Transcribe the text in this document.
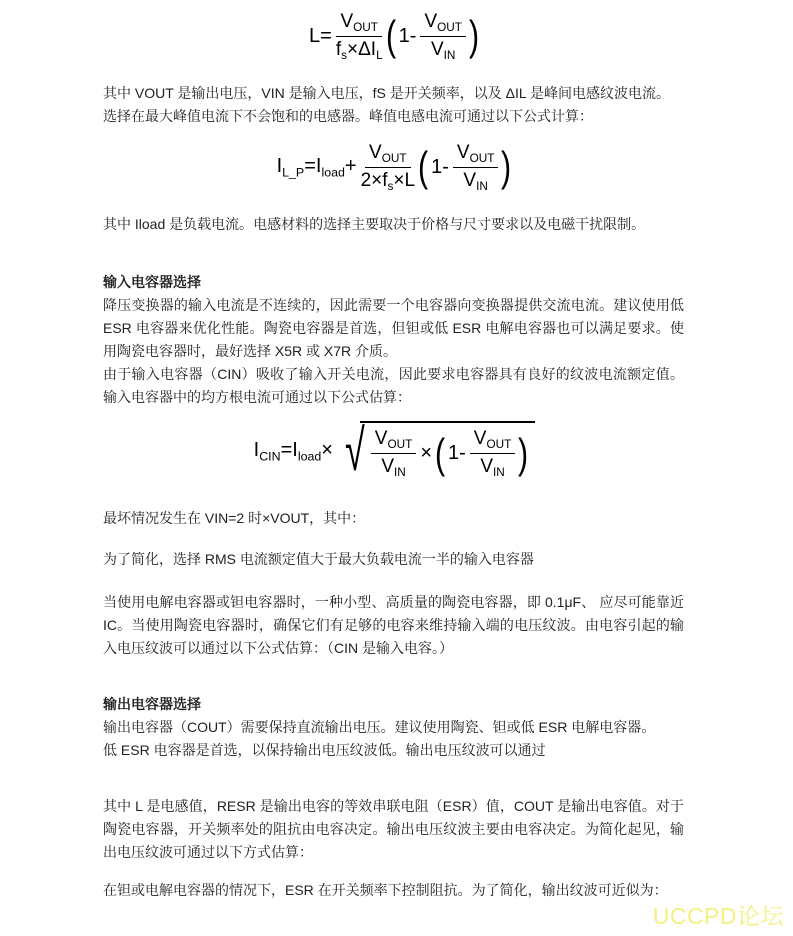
$L= \frac{V_{OUT}}{f_s\times\Delta I_L}$ ( $1- \frac{V_{OUT}}{V_{IN}}$ )

其中 VOUT 是输出电压，VIN 是输入电压，fS 是开关频率，以及 ΔIL 是峰间电感纹波电流。
选择在最大峰值电流下不会饱和的电感器。峰值电感电流可通过以下公式计算：

$I_{L\_P}=I_{load}+ \frac{V_{OUT}}{2\times f_s\times L}$ ( $1- \frac{V_{OUT}}{V_{IN}}$ )

其中 Iload 是负载电流。电感材料的选择主要取决于价格与尺寸要求以及电磁干扰限制。

输入电容器选择

降压变换器的输入电流是不连续的，因此需要一个电容器向变换器提供交流电流。建议使用低 ESR 电容器来优化性能。陶瓷电容器是首选，但钽或低 ESR 电解电容器也可以满足要求。使用陶瓷电容器时，最好选择 X5R 或 X7R 介质。

由于输入电容器（CIN）吸收了输入开关电流，因此要求电容器具有良好的纹波电流额定值。输入电容器中的均方根电流可通过以下公式估算：

$I_{CIN}=I_{load}\times$ √ $\frac{V_{OUT}}{V_{IN}}$ × ( $1- \frac{V_{OUT}}{V_{IN}}$ )

最坏情况发生在 VIN=2 时×VOUT，其中：

为了简化，选择 RMS 电流额定值大于最大负载电流一半的输入电容器

当使用电解电容器或钽电容器时，一种小型、高质量的陶瓷电容器，即 0.1μF、 应尽可能靠近 IC。当使用陶瓷电容器时，确保它们有足够的电容来维持输入端的电压纹波。由电容引起的输入电压纹波可以通过以下公式估算：（CIN 是输入电容。）

输出电容器选择

输出电容器（COUT）需要保持直流输出电压。建议使用陶瓷、钽或低 ESR 电解电容器。

低 ESR 电容器是首选，以保持输出电压纹波低。输出电压纹波可以通过

其中 L 是电感值，RESR 是输出电容的等效串联电阻（ESR）值，COUT 是输出电容值。对于陶瓷电容器，开关频率处的阻抗由电容决定。输出电压纹波主要由电容决定。为简化起见，输出电压纹波可通过以下方式估算：

在钽或电解电容器的情况下，ESR 在开关频率下控制阻抗。为了简化，输出纹波可近似为：

UCCPD论坛
